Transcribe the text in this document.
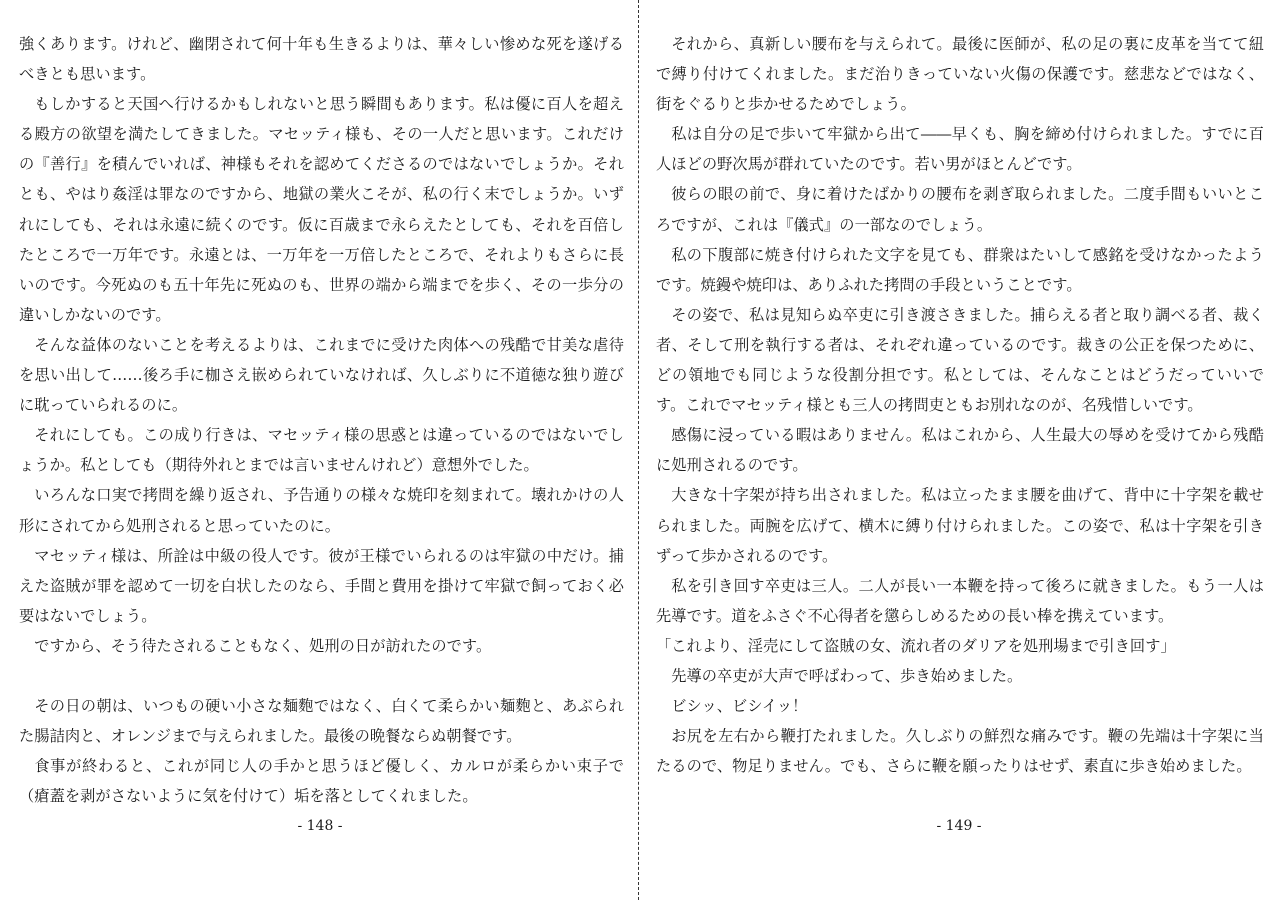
強くあります。けれど、幽閉されて何十年も生きるよりは、華々しい惨めな死を遂げるべきとも思います。

もしかすると天国へ行けるかもしれないと思う瞬間もあります。私は優に百人を超える殿方の欲望を満たしてきました。マセッティ様も、その一人だと思います。これだけの『善行』を積んでいれば、神様もそれを認めてくださるのではないでしょうか。それとも、やはり姦淫は罪なのですから、地獄の業火こそが、私の行く末でしょうか。いずれにしても、それは永遠に続くのです。仮に百歳まで永らえたとしても、それを百倍したところで一万年です。永遠とは、一万年を一万倍したところで、それよりもさらに長いのです。今死ぬのも五十年先に死ぬのも、世界の端から端までを歩く、その一歩分の違いしかないのです。

そんな益体のないことを考えるよりは、これまでに受けた肉体への残酷で甘美な虐待を思い出して……後ろ手に枷さえ嵌められていなければ、久しぶりに不道徳な独り遊びに耽っていられるのに。

それにしても。この成り行きは、マセッティ様の思惑とは違っているのではないでしょうか。私としても（期待外れとまでは言いませんけれど）意想外でした。

いろんな口実で拷問を繰り返され、予告通りの様々な焼印を刻まれて。壊れかけの人形にされてから処刑されると思っていたのに。

マセッティ様は、所詮は中級の役人です。彼が王様でいられるのは牢獄の中だけ。捕えた盗賊が罪を認めて一切を白状したのなら、手間と費用を掛けて牢獄で飼っておく必要はないでしょう。

ですから、そう待たされることもなく、処刑の日が訪れたのです。

その日の朝は、いつもの硬い小さな麺麭ではなく、白くて柔らかい麺麭と、あぶられた腸詰肉と、オレンジまで与えられました。最後の晩餐ならぬ朝餐です。

食事が終わると、これが同じ人の手かと思うほど優しく、カルロが柔らかい束子で（瘡蓋を剥がさないように気を付けて）垢を落としてくれました。

それから、真新しい腰布を与えられて。最後に医師が、私の足の裏に皮革を当てて紐で縛り付けてくれました。まだ治りきっていない火傷の保護です。慈悲などではなく、街をぐるりと歩かせるためでしょう。

私は自分の足で歩いて牢獄から出て――早くも、胸を締め付けられました。すでに百人ほどの野次馬が群れていたのです。若い男がほとんどです。

彼らの眼の前で、身に着けたばかりの腰布を剥ぎ取られました。二度手間もいいところですが、これは『儀式』の一部なのでしょう。

私の下腹部に焼き付けられた文字を見ても、群衆はたいして感銘を受けなかったようです。焼鏝や焼印は、ありふれた拷問の手段ということです。

その姿で、私は見知らぬ卒吏に引き渡さきました。捕らえる者と取り調べる者、裁く者、そして刑を執行する者は、それぞれ違っているのです。裁きの公正を保つために、どの領地でも同じような役割分担です。私としては、そんなことはどうだっていいです。これでマセッティ様とも三人の拷問吏ともお別れなのが、名残惜しいです。

感傷に浸っている暇はありません。私はこれから、人生最大の辱めを受けてから残酷に処刑されるのです。

大きな十字架が持ち出されました。私は立ったまま腰を曲げて、背中に十字架を載せられました。両腕を広げて、横木に縛り付けられました。この姿で、私は十字架を引きずって歩かされるのです。

私を引き回す卒吏は三人。二人が長い一本鞭を持って後ろに就きました。もう一人は先導です。道をふさぐ不心得者を懲らしめるための長い棒を携えています。

「これより、淫売にして盗賊の女、流れ者のダリアを処刑場まで引き回す」

先導の卒吏が大声で呼ばわって、歩き始めました。

ビシッ、ビシイッ！

お尻を左右から鞭打たれました。久しぶりの鮮烈な痛みです。鞭の先端は十字架に当たるので、物足りません。でも、さらに鞭を願ったりはせず、素直に歩き始めました。

- 148 -	- 149 -
